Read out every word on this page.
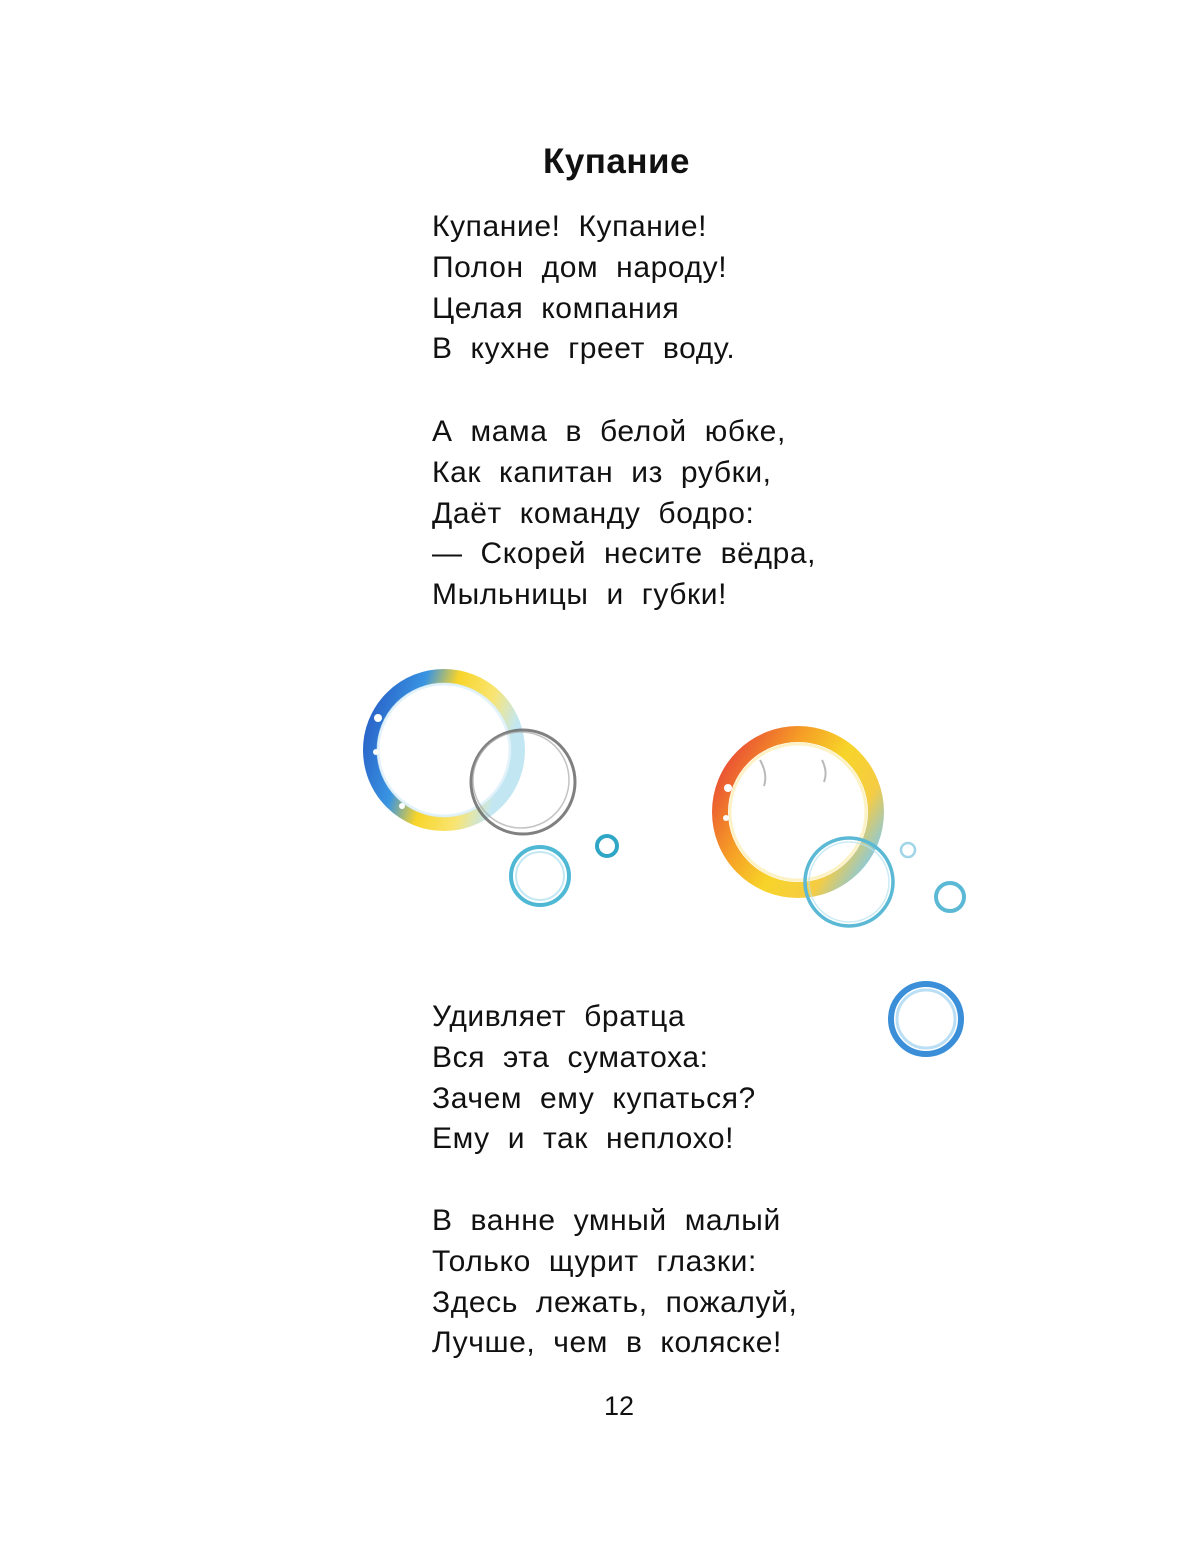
Купание
Купание! Купание!
Полон дом народу!
Целая компания
В кухне греет воду.
А мама в белой юбке,
Как капитан из рубки,
Даёт команду бодро:
— Скорей несите вёдра,
Мыльницы и губки!
Удивляет братца
Вся эта суматоха:
Зачем ему купаться?
Ему и так неплохо!
В ванне умный малый
Только щурит глазки:
Здесь лежать, пожалуй,
Лучше, чем в коляске!
12
